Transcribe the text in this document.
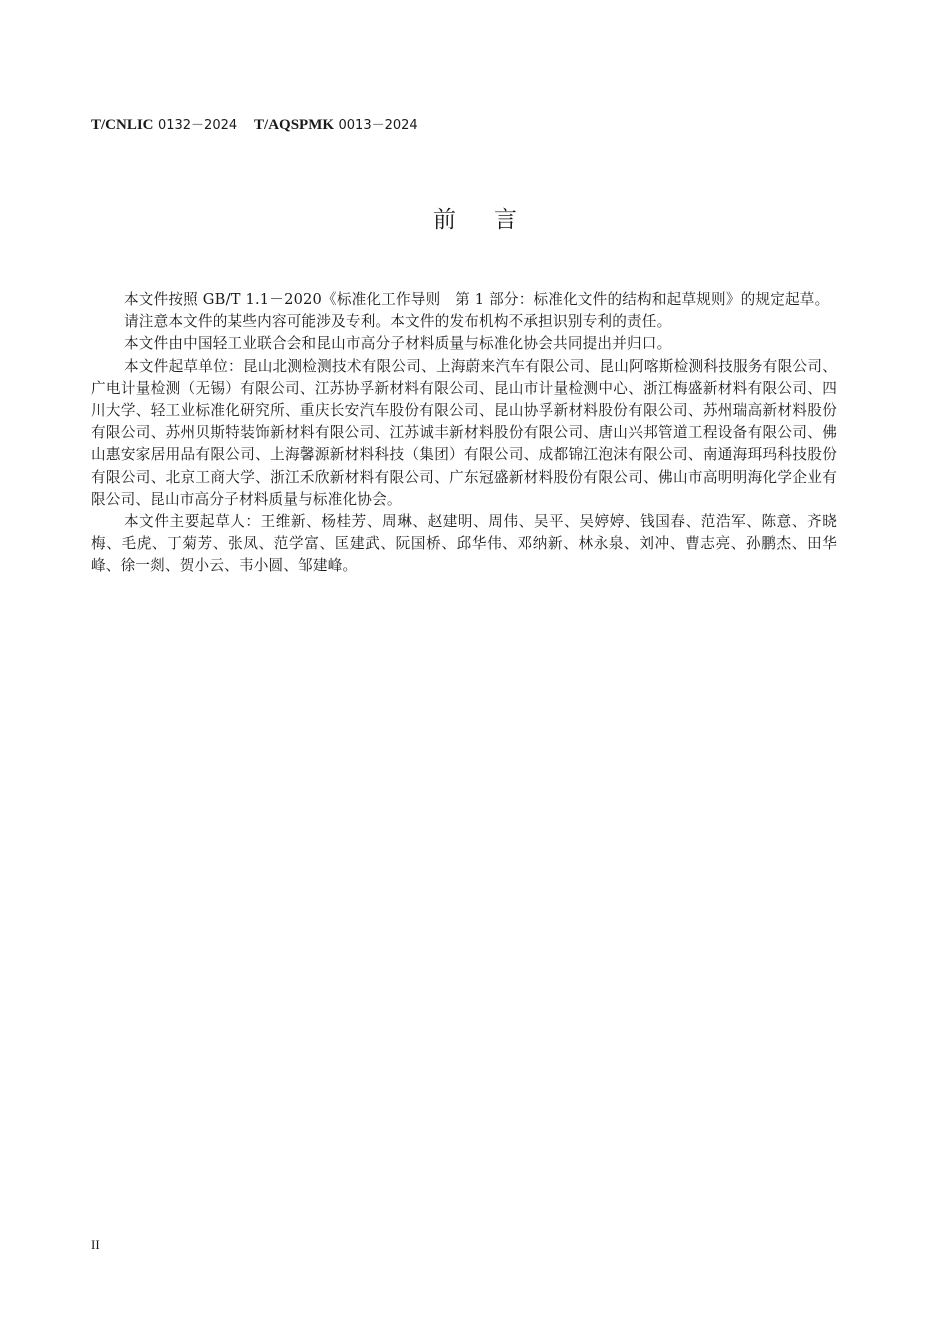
T/CNLIC 0132－2024 T/AQSPMK 0013－2024
前 言

本文件按照 GB/T 1.1－2020《标准化工作导则　第 1 部分：标准化文件的结构和起草规则》的规定起草。

请注意本文件的某些内容可能涉及专利。本文件的发布机构不承担识别专利的责任。

本文件由中国轻工业联合会和昆山市高分子材料质量与标准化协会共同提出并归口。

本文件起草单位：昆山北测检测技术有限公司、上海蔚来汽车有限公司、昆山阿喀斯检测科技服务有限公司、广电计量检测（无锡）有限公司、江苏协孚新材料有限公司、昆山市计量检测中心、浙江梅盛新材料有限公司、四川大学、轻工业标准化研究所、重庆长安汽车股份有限公司、昆山协孚新材料股份有限公司、苏州瑞高新材料股份有限公司、苏州贝斯特装饰新材料有限公司、江苏诚丰新材料股份有限公司、唐山兴邦管道工程设备有限公司、佛山惠安家居用品有限公司、上海馨源新材料科技（集团）有限公司、成都锦江泡沫有限公司、南通海珥玛科技股份有限公司、北京工商大学、浙江禾欣新材料有限公司、广东冠盛新材料股份有限公司、佛山市高明明海化学企业有限公司、昆山市高分子材料质量与标准化协会。

本文件主要起草人：王维新、杨桂芳、周琳、赵建明、周伟、吴平、吴婷婷、钱国春、范浩军、陈意、齐晓梅、毛虎、丁菊芳、张凤、范学富、匡建武、阮国桥、邱华伟、邓纳新、林永泉、刘冲、曹志亮、孙鹏杰、田华峰、徐一剡、贺小云、韦小圆、邹建峰。

II
